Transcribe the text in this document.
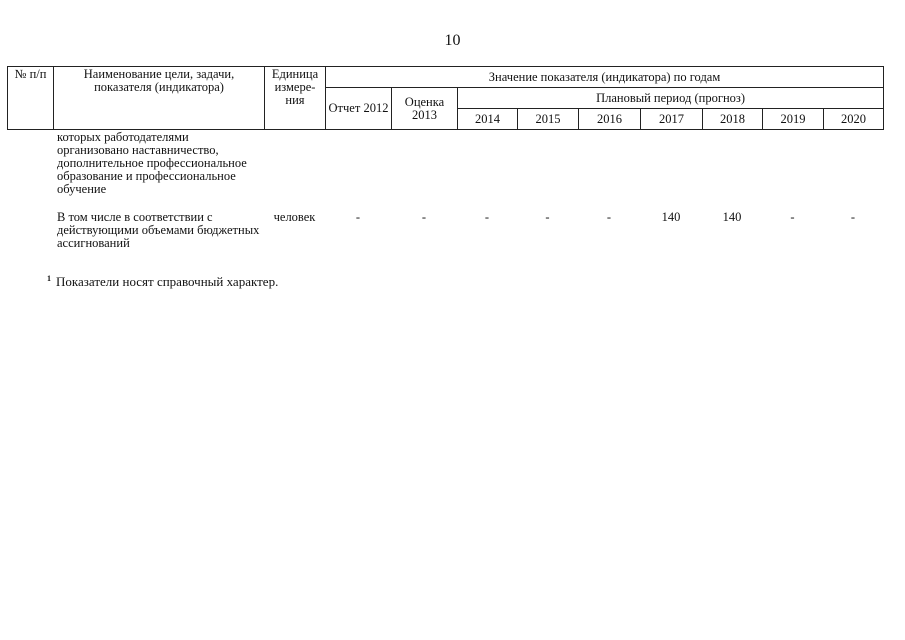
10
№ п/п	Наименование цели, задачи, показателя (индикатора)	Единица измере-ния	Значение показателя (индикатора) по годам								
			Отчет 2012	Оценка 2013	Плановый период (прогноз)						
					2014	2015	2016	2017	2018	2019	2020
	которых работодателями организовано наставничество, дополнительное профессиональное образование и профессиональное обучение										
	В том числе в соответствии с действующими объемами бюджетных ассигнований	человек	-	-	-	-	-	140	140	-	-
$^1$ Показатели носят справочный характер.
